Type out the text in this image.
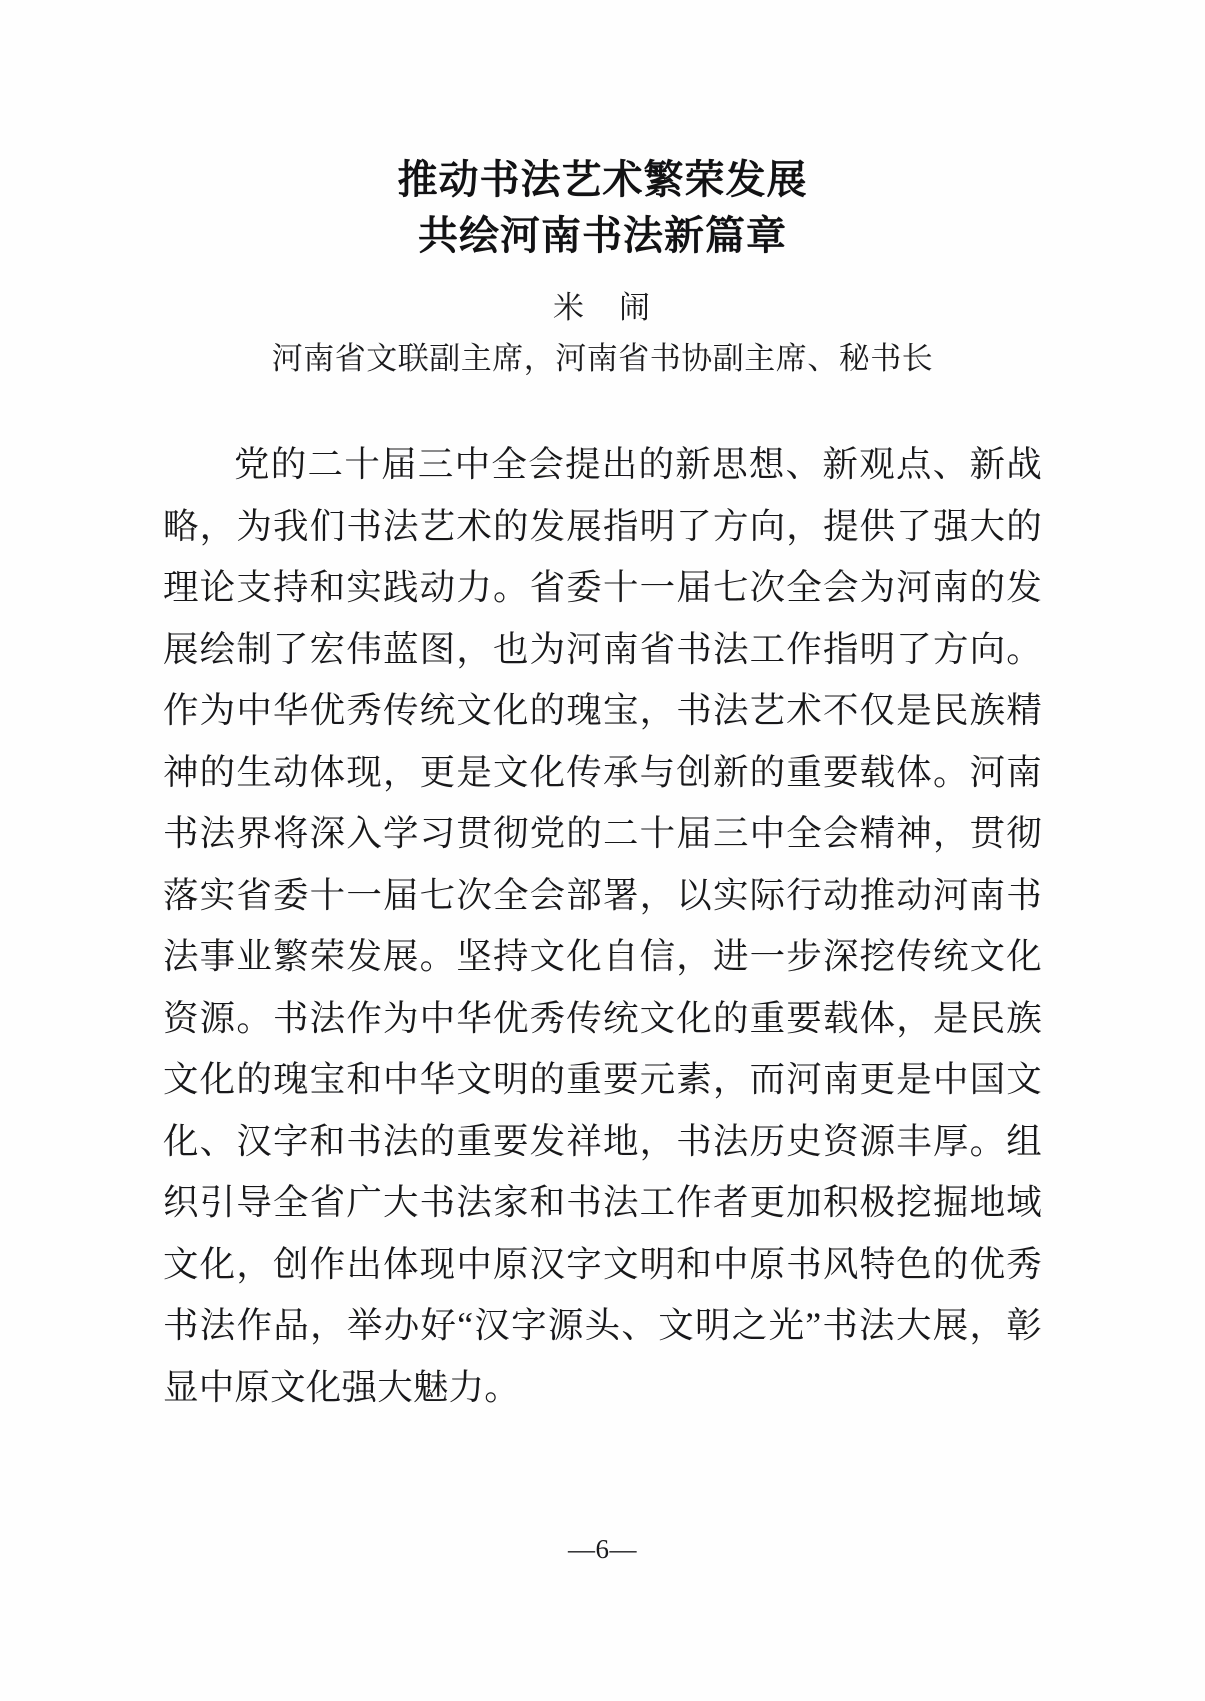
推动书法艺术繁荣发展
共绘河南书法新篇章
米　闹
河南省文联副主席，河南省书协副主席、秘书长

党的二十届三中全会提出的新思想、新观点、新战略，为我们书法艺术的发展指明了方向，提供了强大的理论支持和实践动力。省委十一届七次全会为河南的发展绘制了宏伟蓝图，也为河南省书法工作指明了方向。作为中华优秀传统文化的瑰宝，书法艺术不仅是民族精神的生动体现，更是文化传承与创新的重要载体。河南书法界将深入学习贯彻党的二十届三中全会精神，贯彻落实省委十一届七次全会部署，以实际行动推动河南书法事业繁荣发展。坚持文化自信，进一步深挖传统文化资源。书法作为中华优秀传统文化的重要载体，是民族文化的瑰宝和中华文明的重要元素，而河南更是中国文化、汉字和书法的重要发祥地，书法历史资源丰厚。组织引导全省广大书法家和书法工作者更加积极挖掘地域文化，创作出体现中原汉字文明和中原书风特色的优秀书法作品，举办好“汉字源头、文明之光”书法大展，彰显中原文化强大魅力。

—6—
